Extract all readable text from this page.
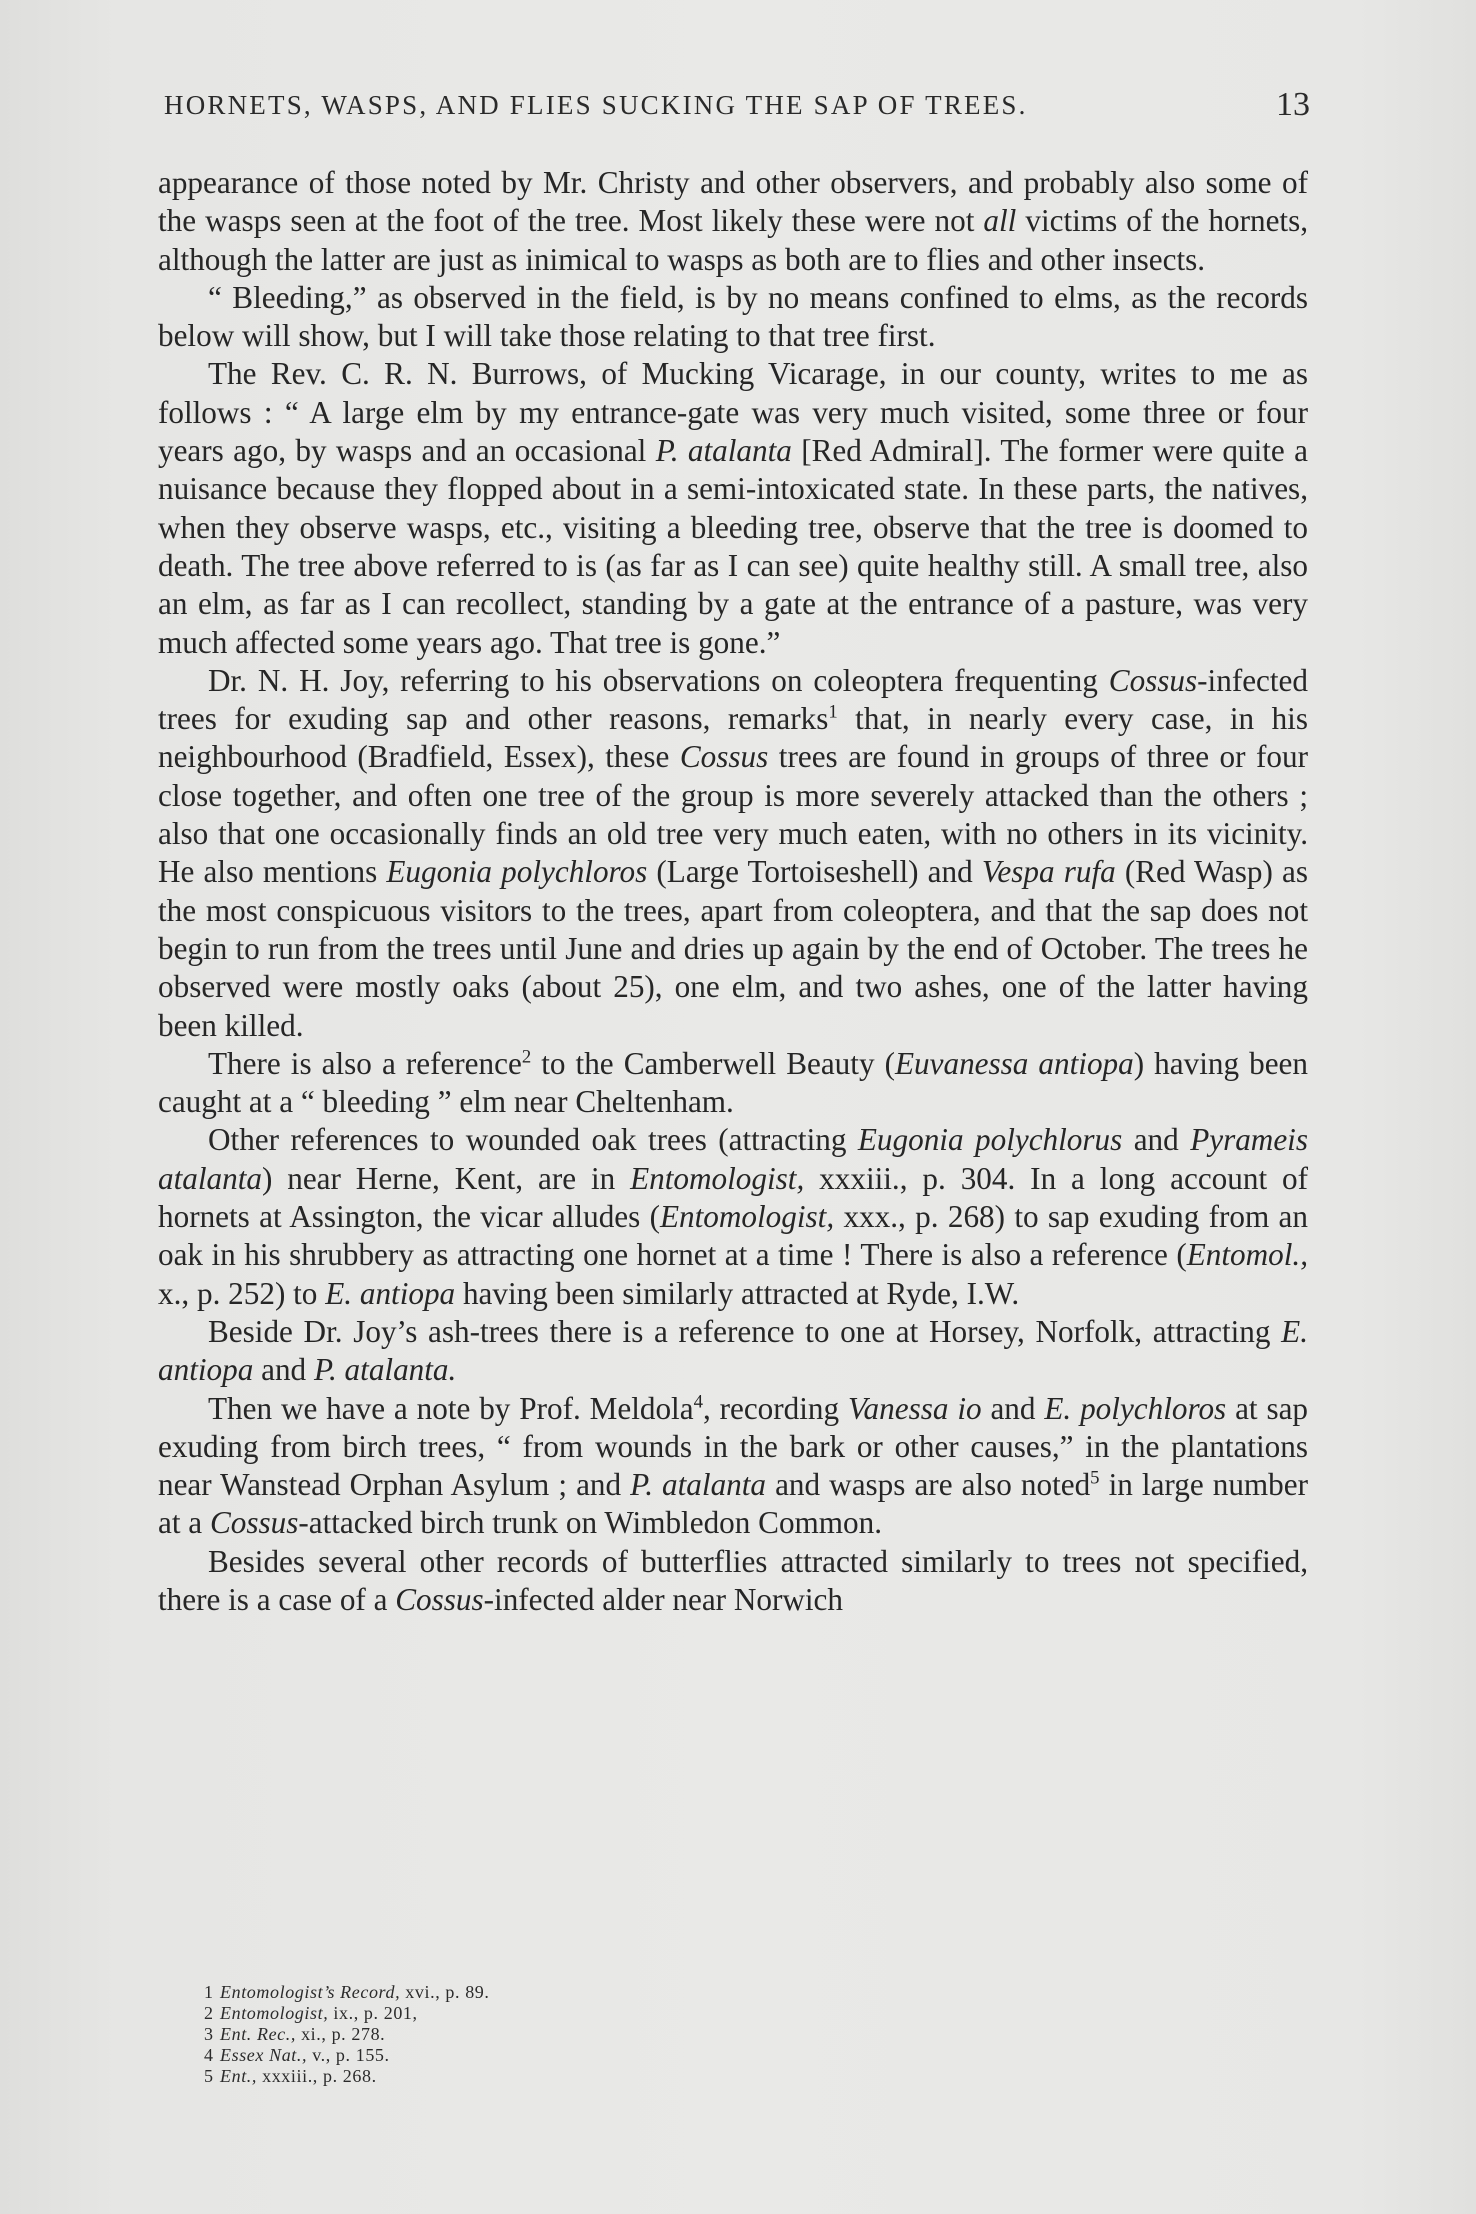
HORNETS, WASPS, AND FLIES SUCKING THE SAP OF TREES.	13

appearance of those noted by Mr. Christy and other observers, and probably also some of the wasps seen at the foot of the tree. Most likely these were not all victims of the hornets, although the latter are just as inimical to wasps as both are to flies and other insects.

“ Bleeding,” as observed in the field, is by no means confined to elms, as the records below will show, but I will take those relating to that tree first.

The Rev. C. R. N. Burrows, of Mucking Vicarage, in our county, writes to me as follows : “ A large elm by my entrance-gate was very much visited, some three or four years ago, by wasps and an occasional P. atalanta [Red Admiral]. The former were quite a nuisance because they flopped about in a semi-intoxicated state. In these parts, the natives, when they observe wasps, etc., visiting a bleeding tree, observe that the tree is doomed to death. The tree above referred to is (as far as I can see) quite healthy still. A small tree, also an elm, as far as I can recollect, standing by a gate at the entrance of a pasture, was very much affected some years ago. That tree is gone.”

Dr. N. H. Joy, referring to his observations on coleoptera frequenting Cossus-infected trees for exuding sap and other reasons, remarks$^1$ that, in nearly every case, in his neighbourhood (Bradfield, Essex), these Cossus trees are found in groups of three or four close together, and often one tree of the group is more severely attacked than the others ; also that one occasionally finds an old tree very much eaten, with no others in its vicinity. He also mentions Eugonia polychloros (Large Tortoiseshell) and Vespa rufa (Red Wasp) as the most conspicuous visitors to the trees, apart from coleoptera, and that the sap does not begin to run from the trees until June and dries up again by the end of October. The trees he observed were mostly oaks (about 25), one elm, and two ashes, one of the latter having been killed.

There is also a reference$^2$ to the Camberwell Beauty (Euvanessa antiopa) having been caught at a “ bleeding ” elm near Cheltenham.

Other references to wounded oak trees (attracting Eugonia polychlorus and Pyrameis atalanta) near Herne, Kent, are in Entomologist, xxxiii., p. 304. In a long account of hornets at Assington, the vicar alludes (Entomologist, xxx., p. 268) to sap exuding from an oak in his shrubbery as attracting one hornet at a time ! There is also a reference (Entomol., x., p. 252) to E. antiopa having been similarly attracted at Ryde, I.W.

Beside Dr. Joy’s ash-trees there is a reference to one at Horsey, Norfolk, attracting E. antiopa and P. atalanta.

Then we have a note by Prof. Meldola$^4$, recording Vanessa io and E. polychloros at sap exuding from birch trees, “ from wounds in the bark or other causes,” in the plantations near Wanstead Orphan Asylum ; and P. atalanta and wasps are also noted$^5$ in large number at a Cossus-attacked birch trunk on Wimbledon Common.

Besides several other records of butterflies attracted similarly to trees not specified, there is a case of a Cossus-infected alder near Norwich

1 Entomologist’s Record, xvi., p. 89.
2 Entomologist, ix., p. 201,
3 Ent. Rec., xi., p. 278.
4 Essex Nat., v., p. 155.
5 Ent., xxxiii., p. 268.
